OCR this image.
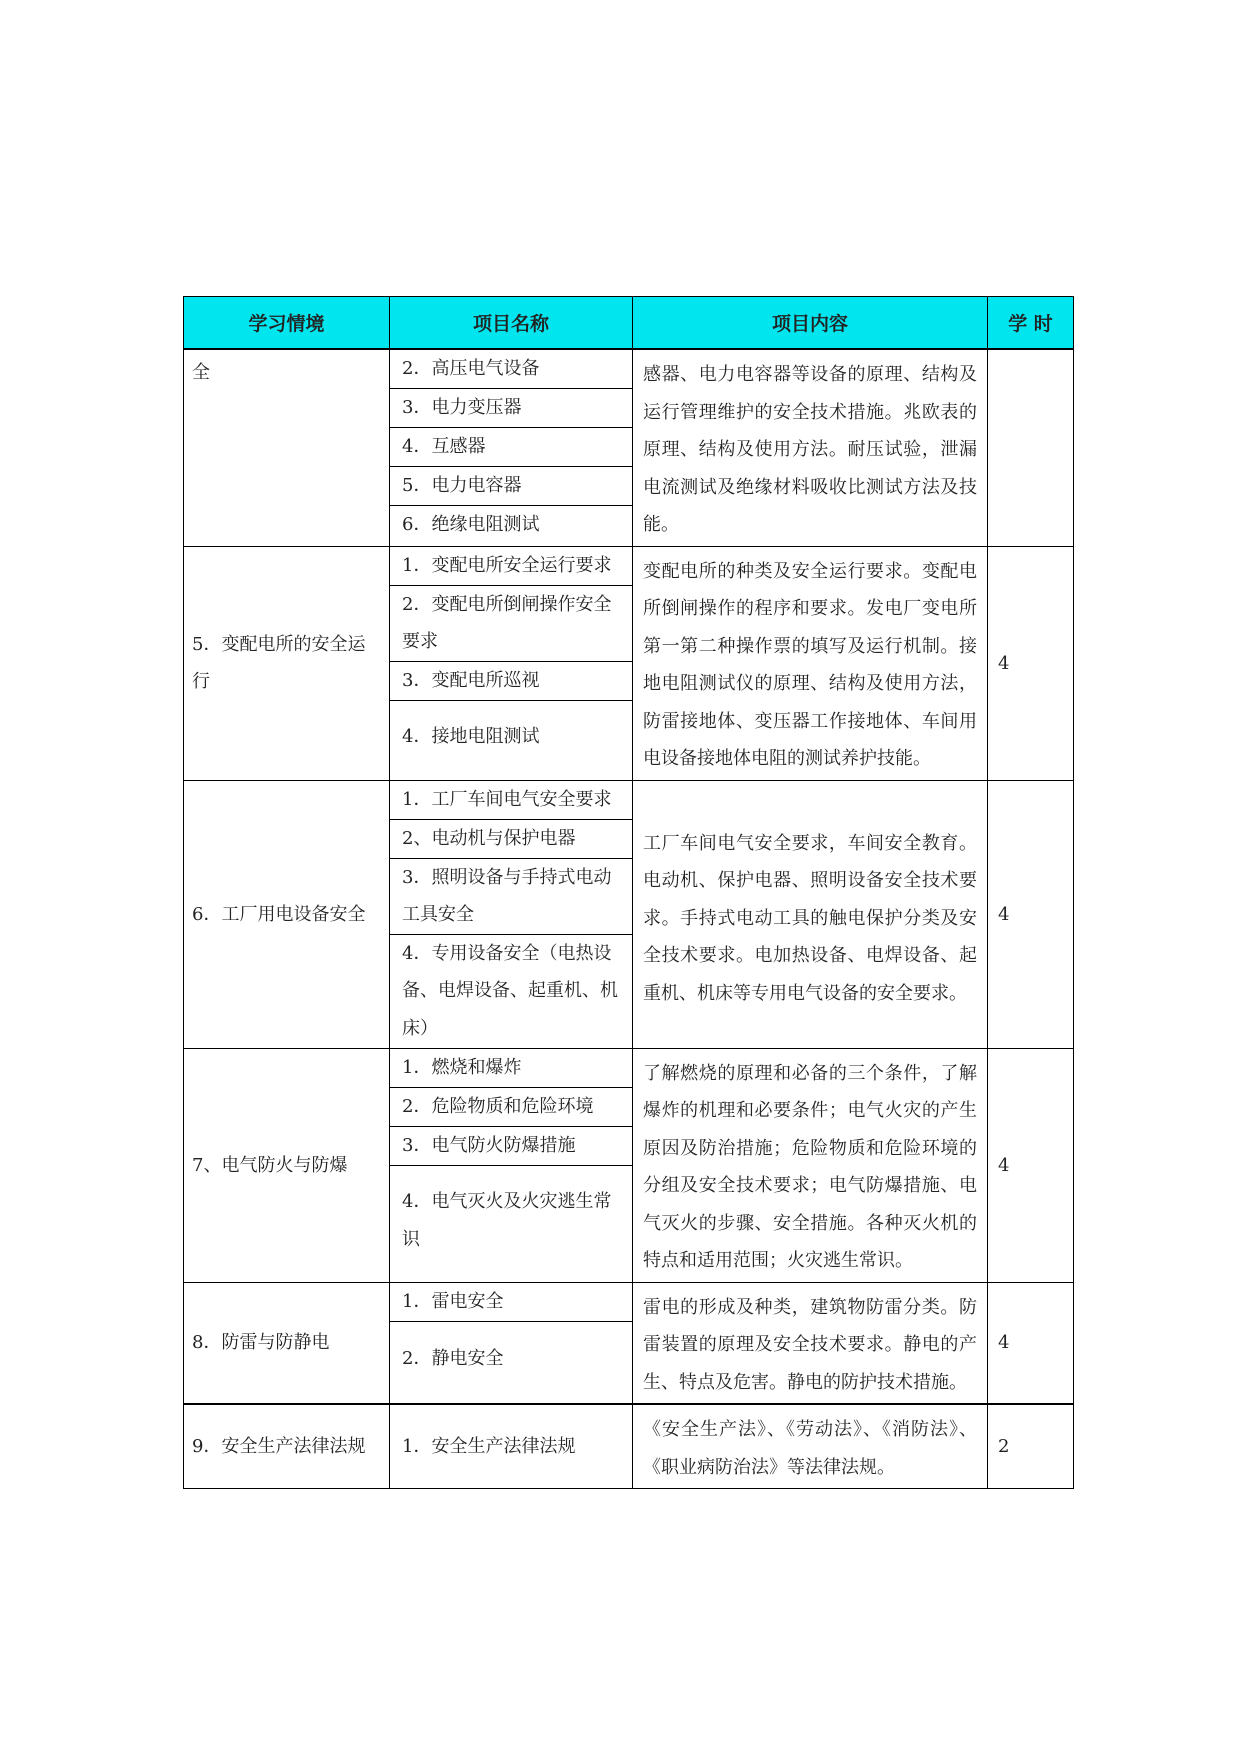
学习情境	项目名称	项目内容	学 时
全	2．高压电气设备
3．电力变压器
4．互感器
5．电力电容器
6．绝缘电阻测试	感器、电力电容器等设备的原理、结构及运行管理维护的安全技术措施。兆欧表的原理、结构及使用方法。耐压试验，泄漏电流测试及绝缘材料吸收比测试方法及技能。	
5．变配电所的安全运行	1．变配电所安全运行要求
2．变配电所倒闸操作安全要求
3．变配电所巡视
4．接地电阻测试	变配电所的种类及安全运行要求。变配电所倒闸操作的程序和要求。发电厂变电所第一第二种操作票的填写及运行机制。接地电阻测试仪的原理、结构及使用方法，防雷接地体、变压器工作接地体、车间用电设备接地体电阻的测试养护技能。	4
6．工厂用电设备安全	1．工厂车间电气安全要求
2、电动机与保护电器
3．照明设备与手持式电动工具安全
4．专用设备安全（电热设备、电焊设备、起重机、机床）	工厂车间电气安全要求，车间安全教育。电动机、保护电器、照明设备安全技术要求。手持式电动工具的触电保护分类及安全技术要求。电加热设备、电焊设备、起重机、机床等专用电气设备的安全要求。	4
7、电气防火与防爆	1．燃烧和爆炸
2．危险物质和危险环境
3．电气防火防爆措施
4．电气灭火及火灾逃生常识	了解燃烧的原理和必备的三个条件，了解爆炸的机理和必要条件；电气火灾的产生原因及防治措施；危险物质和危险环境的分组及安全技术要求；电气防爆措施、电气灭火的步骤、安全措施。各种灭火机的特点和适用范围；火灾逃生常识。	4
8．防雷与防静电	1．雷电安全
2．静电安全	雷电的形成及种类，建筑物防雷分类。防雷装置的原理及安全技术要求。静电的产生、特点及危害。静电的防护技术措施。	4
9．安全生产法律法规	1．安全生产法律法规	《安全生产法》、《劳动法》、《消防法》、《职业病防治法》等法律法规。	2
